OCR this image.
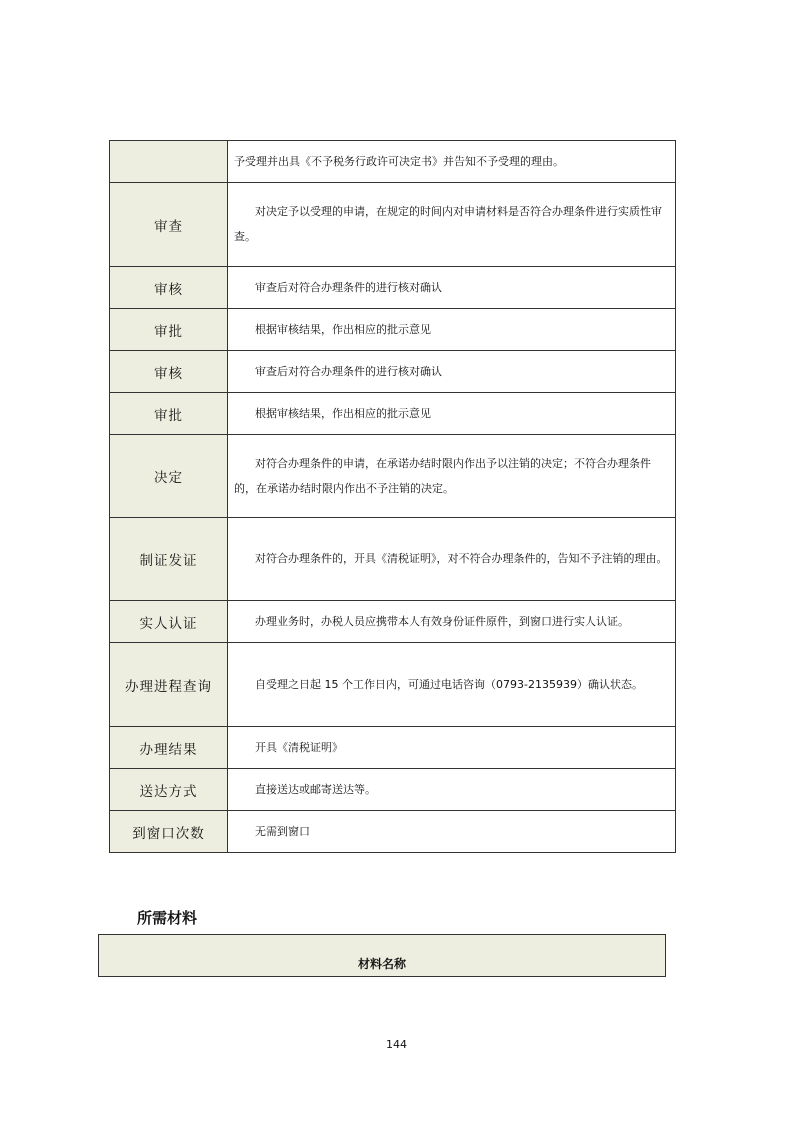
	予受理并出具《不予税务行政许可决定书》并告知不予受理的理由。

审查	对决定予以受理的申请，在规定的时间内对申请材料是否符合办理条件进行实质性审查。

审核	审查后对符合办理条件的进行核对确认

审批	根据审核结果，作出相应的批示意见

审核	审查后对符合办理条件的进行核对确认

审批	根据审核结果，作出相应的批示意见

决定	对符合办理条件的申请，在承诺办结时限内作出予以注销的决定；不符合办理条件的，在承诺办结时限内作出不予注销的决定。

制证发证	对符合办理条件的，开具《清税证明》，对不符合办理条件的，告知不予注销的理由。

实人认证	办理业务时，办税人员应携带本人有效身份证件原件，到窗口进行实人认证。

办理进程查询	自受理之日起 15 个工作日内，可通过电话咨询（0793-2135939）确认状态。

办理结果	开具《清税证明》

送达方式	直接送达或邮寄送达等。

到窗口次数	无需到窗口
所需材料
材料名称
144
